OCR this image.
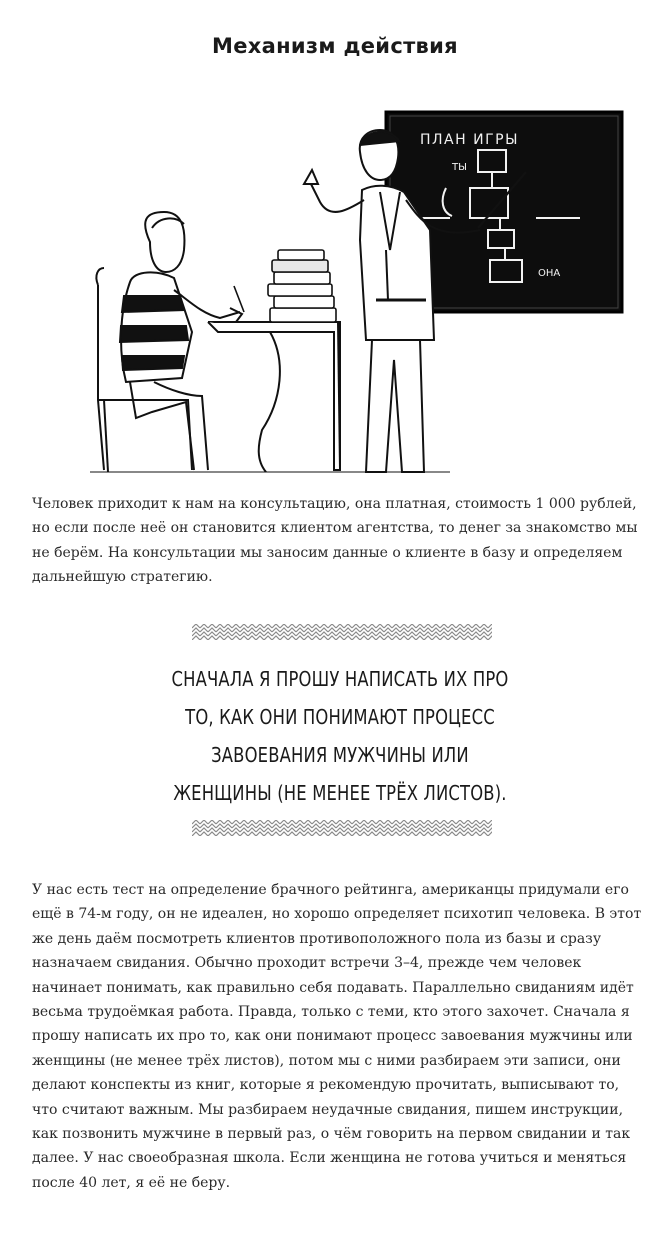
Механизм действия
ПЛАН ИГРЫ
ТЫ
ОНА

Человек приходит к нам на консультацию, она платная, стоимость 1 000 рублей, но если после неё он становится клиентом агентства, то денег за знакомство мы не берём. На консультации мы заносим данные о клиенте в базу и определяем дальнейшую стратегию.

СНАЧАЛА Я ПРОШУ НАПИСАТЬ ИХ ПРО
ТО, КАК ОНИ ПОНИМАЮТ ПРОЦЕСС
ЗАВОЕВАНИЯ МУЖЧИНЫ ИЛИ
ЖЕНЩИНЫ (НЕ МЕНЕЕ ТРЁХ ЛИСТОВ).

У нас есть тест на определение брачного рейтинга, американцы придумали его ещё в 74-м году, он не идеален, но хорошо определяет психотип человека. В этот же день даём посмотреть клиентов противоположного пола из базы и сразу назначаем свидания. Обычно проходит встречи 3–4, прежде чем человек начинает понимать, как правильно себя подавать. Параллельно свиданиям идёт весьма трудоёмкая работа. Правда, только с теми, кто этого захочет. Сначала я прошу написать их про то, как они понимают процесс завоевания мужчины или женщины (не менее трёх листов), потом мы с ними разбираем эти записи, они делают конспекты из книг, которые я рекомендую прочитать, выписывают то, что считают важным. Мы разбираем неудачные свидания, пишем инструкции, как позвонить мужчине в первый раз, о чём говорить на первом свидании и так далее. У нас своеобразная школа. Если женщина не готова учиться и меняться после 40 лет, я её не беру.
